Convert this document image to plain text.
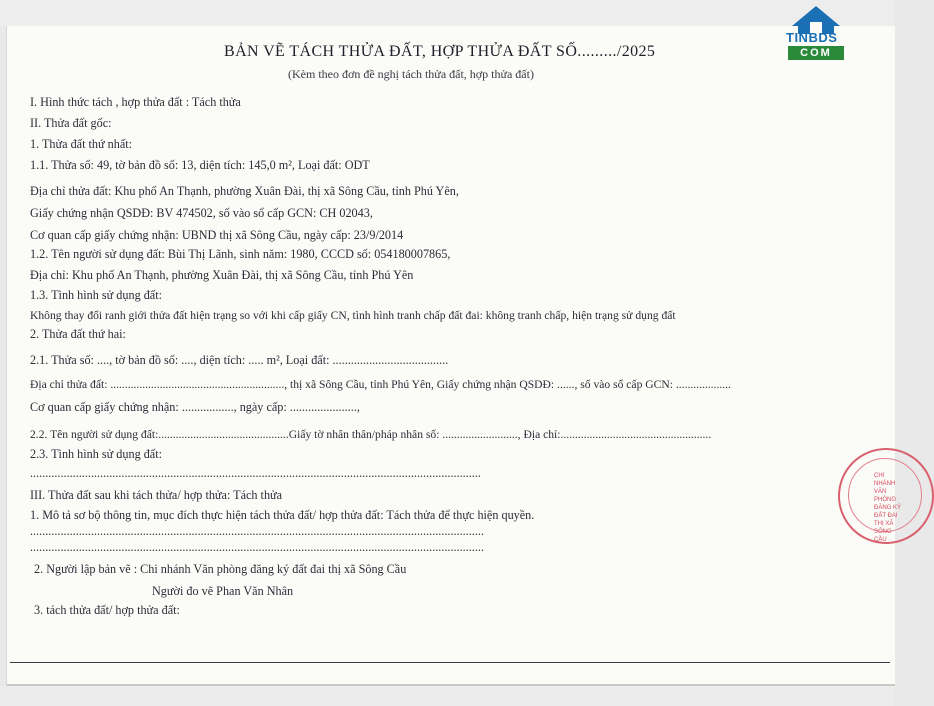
TINBDS
COM
BẢN VẼ TÁCH THỬA ĐẤT, HỢP THỬA ĐẤT SỐ........./2025
(Kèm theo đơn đề nghị tách thửa đất, hợp thửa đất)
I. Hình thức tách , hợp thửa đất : Tách thửa
II. Thửa đất gốc:
1. Thửa đất thứ nhất:
1.1. Thửa số: 49, tờ bản đồ số: 13, diện tích: 145,0 m², Loại đất: ODT
Địa chỉ thửa đất: Khu phố An Thạnh, phường Xuân Đài, thị xã Sông Cầu, tỉnh Phú Yên,
Giấy chứng nhận QSDĐ: BV 474502, số vào sổ cấp GCN: CH 02043,
Cơ quan cấp giấy chứng nhận: UBND thị xã Sông Cầu, ngày cấp: 23/9/2014
1.2. Tên người sử dụng đất: Bùi Thị Lãnh, sinh năm: 1980, CCCD số: 054180007865,
Địa chỉ: Khu phố An Thạnh, phường Xuân Đài, thị xã Sông Cầu, tỉnh Phú Yên
1.3. Tình hình sử dụng đất:
Không thay đổi ranh giới thửa đất hiện trạng so với khi cấp giấy CN, tình hình tranh chấp đất đai: không tranh chấp, hiện trạng sử dụng đất
2. Thửa đất thứ hai:
2.1. Thửa số: ...., tờ bản đồ số: ...., diện tích: ..... m², Loại đất: ......................................
Địa chỉ thửa đất: ............................................................, thị xã Sông Cầu, tỉnh Phú Yên, Giấy chứng nhận QSDĐ: ......, số vào sổ cấp GCN: ...................
Cơ quan cấp giấy chứng nhận: ................., ngày cấp: ......................,
2.2. Tên người sử dụng đất:.............................................Giấy tờ nhân thân/pháp nhân số: .........................., Địa chỉ:....................................................
2.3. Tình hình sử dụng đất:
....................................................................................................................................................
III. Thửa đất sau khi tách thửa/ hợp thửa: Tách thửa
1. Mô tả sơ bộ thông tin, mục đích thực hiện tách thửa đất/ hợp thửa đất: Tách thửa để thực hiện quyền.
.....................................................................................................................................................
.....................................................................................................................................................
2. Người lập bản vẽ : Chi nhánh Văn phòng đăng ký đất đai thị xã Sông Cầu
Người đo vẽ Phan Văn Nhân
3. tách thửa đất/ hợp thửa đất:
CHI NHÁNH VĂN PHÒNG ĐĂNG KÝ ĐẤT ĐAI THỊ XÃ SÔNG CẦU
